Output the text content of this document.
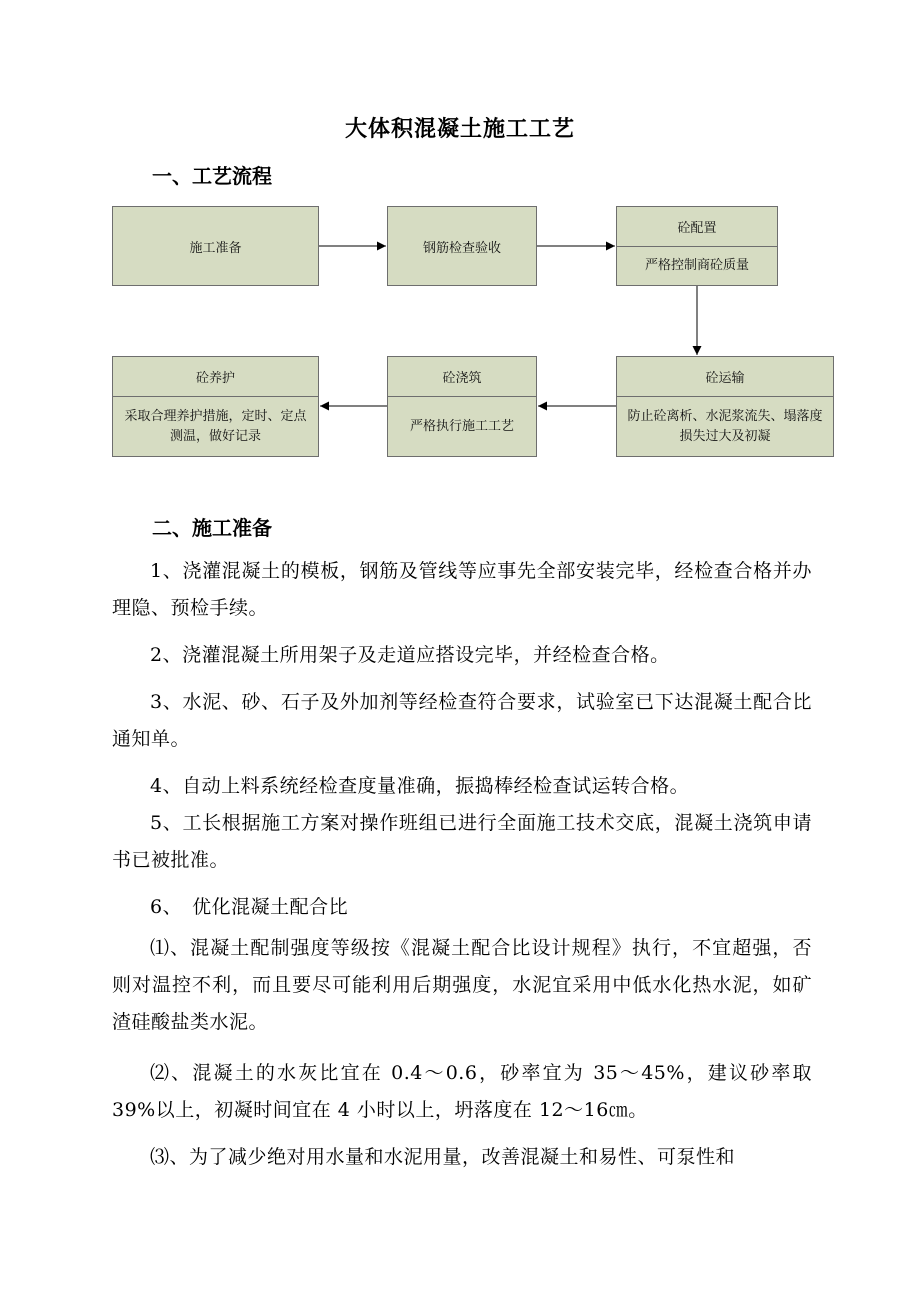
大体积混凝土施工工艺
一、工艺流程
施工准备	钢筋检查验收
砼配置
严格控制商砼质量
砼运输
防止砼离析、水泥浆流失、塌落度损失过大及初凝
砼浇筑
严格执行施工工艺
砼养护
采取合理养护措施，定时、定点测温，做好记录
二、施工准备
1、浇灌混凝土的模板，钢筋及管线等应事先全部安装完毕，经检查合格并办理隐、预检手续。
2、浇灌混凝土所用架子及走道应搭设完毕，并经检查合格。
3、水泥、砂、石子及外加剂等经检查符合要求，试验室已下达混凝土配合比通知单。
4、自动上料系统经检查度量准确，振捣棒经检查试运转合格。
5、工长根据施工方案对操作班组已进行全面施工技术交底，混凝土浇筑申请书已被批准。
6、　优化混凝土配合比
⑴、混凝土配制强度等级按《混凝土配合比设计规程》执行，不宜超强，否则对温控不利，而且要尽可能利用后期强度，水泥宜采用中低水化热水泥，如矿渣硅酸盐类水泥。
⑵、混凝土的水灰比宜在 0.4～0.6，砂率宜为 35～45%，建议砂率取 39%以上，初凝时间宜在 4 小时以上，坍落度在 12～16㎝。
⑶、为了减少绝对用水量和水泥用量，改善混凝土和易性、可泵性和
